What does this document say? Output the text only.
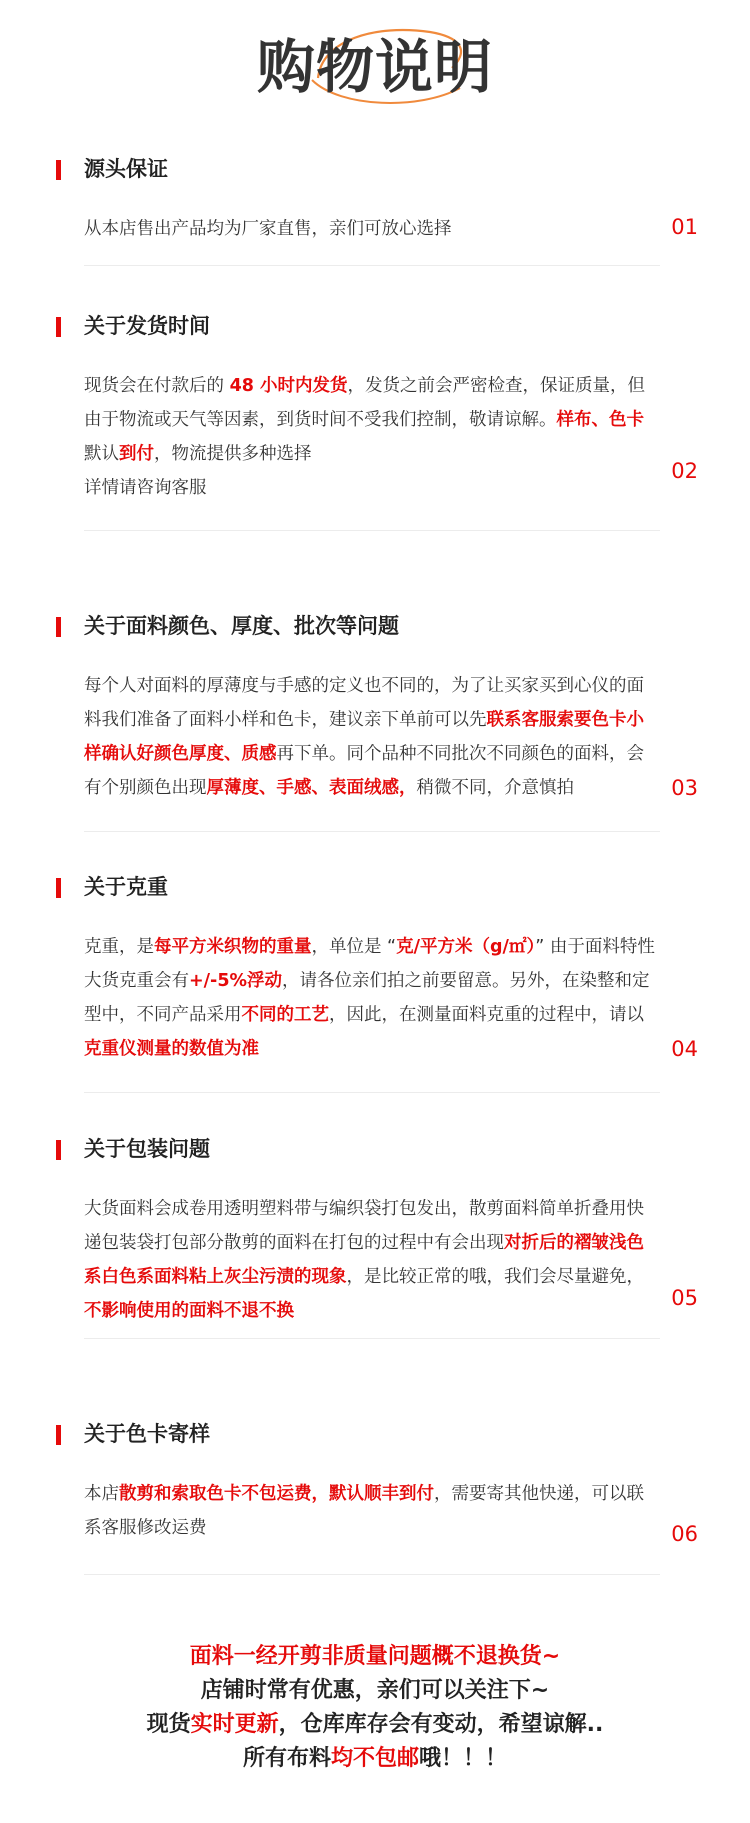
购物说明
源头保证
从本店售出产品均为厂家直售，亲们可放心选择	01
关于发货时间
现货会在付款后的 48 小时内发货，发货之前会严密检查，保证质量，但由于物流或天气等因素，到货时间不受我们控制，敬请谅解。样布、色卡默认到付，物流提供多种选择
详情请咨询客服
02
关于面料颜色、厚度、批次等问题
每个人对面料的厚薄度与手感的定义也不同的，为了让买家买到心仪的面料我们准备了面料小样和色卡，建议亲下单前可以先联系客服索要色卡小样确认好颜色厚度、质感再下单。同个品种不同批次不同颜色的面料，会有个别颜色出现厚薄度、手感、表面绒感，稍微不同，介意慎拍	03
关于克重
克重，是每平方米织物的重量，单位是 “克/平方米（g/㎡）” 由于面料特性大货克重会有+/-5%浮动，请各位亲们拍之前要留意。另外，在染整和定型中，不同产品采用不同的工艺，因此，在测量面料克重的过程中，请以克重仪测量的数值为准	04
关于包装问题
大货面料会成卷用透明塑料带与编织袋打包发出，散剪面料简单折叠用快递包装袋打包部分散剪的面料在打包的过程中有会出现对折后的褶皱浅色系白色系面料粘上灰尘污渍的现象，是比较正常的哦，我们会尽量避免，不影响使用的面料不退不换
05
关于色卡寄样
本店散剪和索取色卡不包运费，默认顺丰到付，需要寄其他快递，可以联系客服修改运费	06

面料一经开剪非质量问题概不退换货~

店铺时常有优惠，亲们可以关注下~

现货实时更新，仓库库存会有变动，希望谅解..

所有布料均不包邮哦！！！
